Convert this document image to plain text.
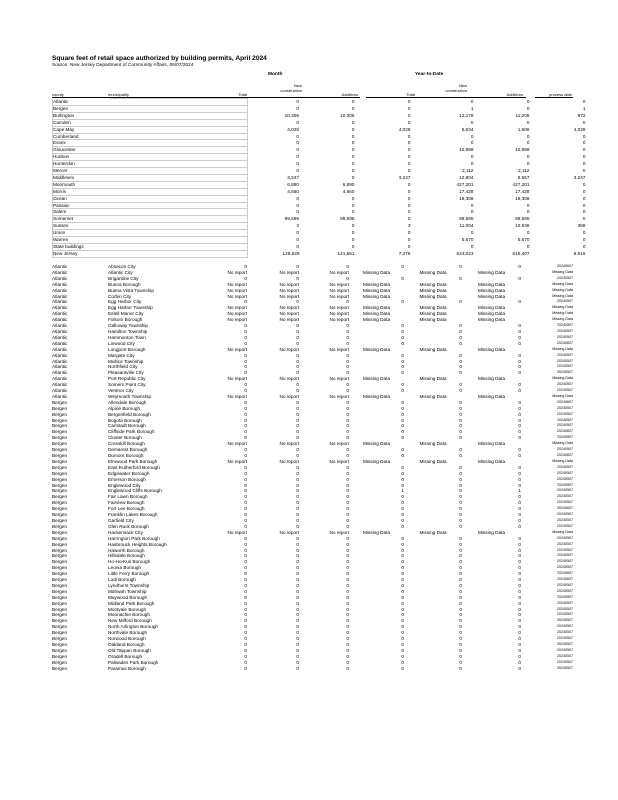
Square feet of retail space authorized by building permits, April 2024
Source: New Jersey Department of Community Affairs, 06/07/2024
Month	Year-to-Date
county	municipality	Total
New
construction
Additions	Total
New
construction
Additions	process date
Atlantic		0	0	0	0	0	0
Bergen		0	0	0	1	0	1
Burlington		10,306	10,306	0	12,178	11,206	972
Camden		0	0	0	0	0	0
Cape May		4,028	0	4,028	5,634	1,606	4,028
Cumberland		0	0	0	0	0	0
Essex		0	0	0	0	0	0
Gloucester		0	0	0	10,988	10,988	0
Hudson		0	0	0	0	0	0
Hunterdon		0	0	0	0	0	0
Mercer		0	0	0	2,112	2,112	0
Middlesex		3,247	0	3,247	12,804	9,557	3,247
Monmouth		6,890	6,890	0	427,201	427,201	0
Morris		4,660	4,660	0	17,428	17,428	0
Ocean		0	0	0	19,308	19,308	0
Passaic		0	0	0	0	0	0
Salem		0	0	0	0	0	0
Somerset		99,695	99,695	0	99,695	99,695	0
Sussex		3	0	3	11,004	10,636	368
Union		0	0	0	0	0	0
Warren		0	0	0	5,670	5,670	0
State buildings		0	0	0	0	0	0
New Jersey		128,829	121,551	7,278	624,023	615,407	8,616
Atlantic	Absecon City	0	0	0	0	0	0	20240607
Atlantic	Atlantic City	No report	No report	No report	Missing Data	Missing Data	Missing Data	Missing Data
Atlantic	Brigantine City	0	0	0	0	0	0	20240507
Atlantic	Buena Borough	No report	No report	No report	Missing Data	Missing Data	Missing Data	Missing Data
Atlantic	Buena Vista Township	No report	No report	No report	Missing Data	Missing Data	Missing Data	Missing Data
Atlantic	Corbin City	No report	No report	No report	Missing Data	Missing Data	Missing Data	Missing Data
Atlantic	Egg Harbor City	0	0	0	0	0	0	20240507
Atlantic	Egg Harbor Township	No report	No report	No report	Missing Data	Missing Data	Missing Data	Missing Data
Atlantic	Estell Manor City	No report	No report	No report	Missing Data	Missing Data	Missing Data	Missing Data
Atlantic	Folsom Borough	No report	No report	No report	Missing Data	Missing Data	Missing Data	Missing Data
Atlantic	Galloway Township	0	0	0	0	0	0	20240507
Atlantic	Hamilton Township	0	0	0	0	0	0	20240507
Atlantic	Hammonton Town	0	0	0	0	0	0	20240507
Atlantic	Linwood City	0	0	0	0	0	0	20240607
Atlantic	Longport Borough	No report	No report	No report	Missing Data	Missing Data	Missing Data	Missing Data
Atlantic	Margate City	0	0	0	0	0	0	20240507
Atlantic	Mullica Township	0	0	0	0	0	0	20240507
Atlantic	Northfield City	0	0	0	0	0	0	20240507
Atlantic	Pleasantville City	0	0	0	0	0	0	20240507
Atlantic	Port Republic City	No report	No report	No report	Missing Data	Missing Data	Missing Data	Missing Data
Atlantic	Somers Point City	0	0	0	0	0	0	20240507
Atlantic	Ventnor City	0	0	0	0	0	0	20240507
Atlantic	Weymouth Township	No report	No report	No report	Missing Data	Missing Data	Missing Data	Missing Data
Bergen	Allendale Borough	0	0	0	0	0	0	20240607
Bergen	Alpine Borough	0	0	0	0	0	0	20240507
Bergen	Bergenfield Borough	0	0	0	0	0	0	20240507
Bergen	Bogota Borough	0	0	0	0	0	0	20240507
Bergen	Carlstadt Borough	0	0	0	0	0	0	20240507
Bergen	Cliffside Park Borough	0	0	0	0	0	0	20240607
Bergen	Closter Borough	0	0	0	0	0	0	20240507
Bergen	Cresskill Borough	No report	No report	No report	Missing Data	Missing Data	Missing Data	Missing Data
Bergen	Demarest Borough	0	0	0	0	0	0	20240507
Bergen	Dumont Borough	0	0	0	0	0	0	20240607
Bergen	Elmwood Park Borough	No report	No report	No report	Missing Data	Missing Data	Missing Data	Missing Data
Bergen	East Rutherford Borough	0	0	0	0	0	0	20240507
Bergen	Edgewater Borough	0	0	0	0	0	0	20240507
Bergen	Emerson Borough	0	0	0	0	0	0	20240507
Bergen	Englewood City	0	0	0	0	0	0	20240507
Bergen	Englewood Cliffs Borough	0	0	0	1	0	1	20240507
Bergen	Fair Lawn Borough	0	0	0	0	0	0	20240507
Bergen	Fairview Borough	0	0	0	0	0	0	20240507
Bergen	Fort Lee Borough	0	0	0	0	0	0	20240607
Bergen	Franklin Lakes Borough	0	0	0	0	0	0	20240507
Bergen	Garfield City	0	0	0	0	0	0	20240507
Bergen	Glen Rock Borough	0	0	0	0	0	0	20240507
Bergen	Hackensack City	No report	No report	No report	Missing Data	Missing Data	Missing Data	Missing Data
Bergen	Harrington Park Borough	0	0	0	0	0	0	20240507
Bergen	Hasbrouck Heights Borough	0	0	0	0	0	0	20240507
Bergen	Haworth Borough	0	0	0	0	0	0	20240507
Bergen	Hillsdale Borough	0	0	0	0	0	0	20240507
Bergen	Ho-Ho-Kus Borough	0	0	0	0	0	0	20240507
Bergen	Leonia Borough	0	0	0	0	0	0	20240507
Bergen	Little Ferry Borough	0	0	0	0	0	0	20240607
Bergen	Lodi Borough	0	0	0	0	0	0	20240607
Bergen	Lyndhurst Township	0	0	0	0	0	0	20240507
Bergen	Mahwah Township	0	0	0	0	0	0	20240507
Bergen	Maywood Borough	0	0	0	0	0	0	20240507
Bergen	Midland Park Borough	0	0	0	0	0	0	20240507
Bergen	Montvale Borough	0	0	0	0	0	0	20240507
Bergen	Moonachie Borough	0	0	0	0	0	0	20240507
Bergen	New Milford Borough	0	0	0	0	0	0	20240507
Bergen	North Arlington Borough	0	0	0	0	0	0	20240507
Bergen	Northvale Borough	0	0	0	0	0	0	20240507
Bergen	Norwood Borough	0	0	0	0	0	0	20240507
Bergen	Oakland Borough	0	0	0	0	0	0	20240507
Bergen	Old Tappan Borough	0	0	0	0	0	0	20240507
Bergen	Oradell Borough	0	0	0	0	0	0	20240507
Bergen	Palisades Park Borough	0	0	0	0	0	0	20240507
Bergen	Paramus Borough	0	0	0	0	0	0	20240507
